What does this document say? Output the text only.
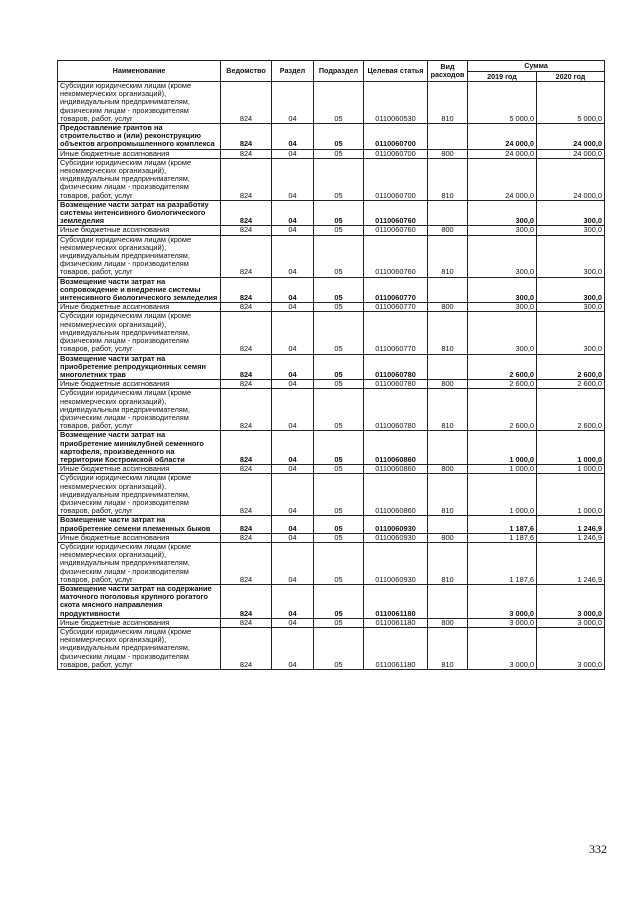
Наименование	Ведомство	Раздел	Подраздел	Целевая статья	Вид расходов	Сумма	
						2019 год	2020 год
Субсидии юридическим лицам (кроме некоммерческих организаций), индивидуальным предпринимателям, физическим лицам - производителям товаров, работ, услуг	824	04	05	0110060530	810	5 000,0	5 000,0
Предоставление грантов на строительство и (или) реконструкцию объектов агропромышленного комплекса	824	04	05	0110060700		24 000,0	24 000,0
Иные бюджетные ассигнования	824	04	05	0110060700	800	24 000,0	24 000,0
Субсидии юридическим лицам (кроме некоммерческих организаций), индивидуальным предпринимателям, физическим лицам - производителям товаров, работ, услуг	824	04	05	0110060700	810	24 000,0	24 000,0
Возмещение части затрат на разработку системы интенсивного биологического земледелия	824	04	05	0110060760		300,0	300,0
Иные бюджетные ассигнования	824	04	05	0110060760	800	300,0	300,0
Субсидии юридическим лицам (кроме некоммерческих организаций), индивидуальным предпринимателям, физическим лицам - производителям товаров, работ, услуг	824	04	05	0110060760	810	300,0	300,0
Возмещение части затрат на сопровождение и внедрение системы интенсивного биологического земледелия	824	04	05	0110060770		300,0	300,0
Иные бюджетные ассигнования	824	04	05	0110060770	800	300,0	300,0
Субсидии юридическим лицам (кроме некоммерческих организаций), индивидуальным предпринимателям, физическим лицам - производителям товаров, работ, услуг	824	04	05	0110060770	810	300,0	300,0
Возмещение части затрат на приобретение репродукционных семян многолетних трав	824	04	05	0110060780		2 600,0	2 600,0
Иные бюджетные ассигнования	824	04	05	0110060780	800	2 600,0	2 600,0
Субсидии юридическим лицам (кроме некоммерческих организаций), индивидуальным предпринимателям, физическим лицам - производителям товаров, работ, услуг	824	04	05	0110060780	810	2 600,0	2 600,0
Возмещение части затрат на приобретение миниклубней семенного картофеля, произведенного на территории Костромской области	824	04	05	0110060860		1 000,0	1 000,0
Иные бюджетные ассигнования	824	04	05	0110060860	800	1 000,0	1 000,0
Субсидии юридическим лицам (кроме некоммерческих организаций), индивидуальным предпринимателям, физическим лицам - производителям товаров, работ, услуг	824	04	05	0110060860	810	1 000,0	1 000,0
Возмещение части затрат на приобретение семени племенных быков	824	04	05	0110060930		1 187,6	1 246,9
Иные бюджетные ассигнования	824	04	05	0110060930	800	1 187,6	1 246,9
Субсидии юридическим лицам (кроме некоммерческих организаций), индивидуальным предпринимателям, физическим лицам - производителям товаров, работ, услуг	824	04	05	0110060930	810	1 187,6	1 246,9
Возмещение части затрат на содержание маточного поголовья крупного рогатого скота мясного направления продуктивности	824	04	05	0110061180		3 000,0	3 000,0
Иные бюджетные ассигнования	824	04	05	0110061180	800	3 000,0	3 000,0
Субсидии юридическим лицам (кроме некоммерческих организаций), индивидуальным предпринимателям, физическим лицам - производителям товаров, работ, услуг	824	04	05	0110061180	810	3 000,0	3 000,0
332
